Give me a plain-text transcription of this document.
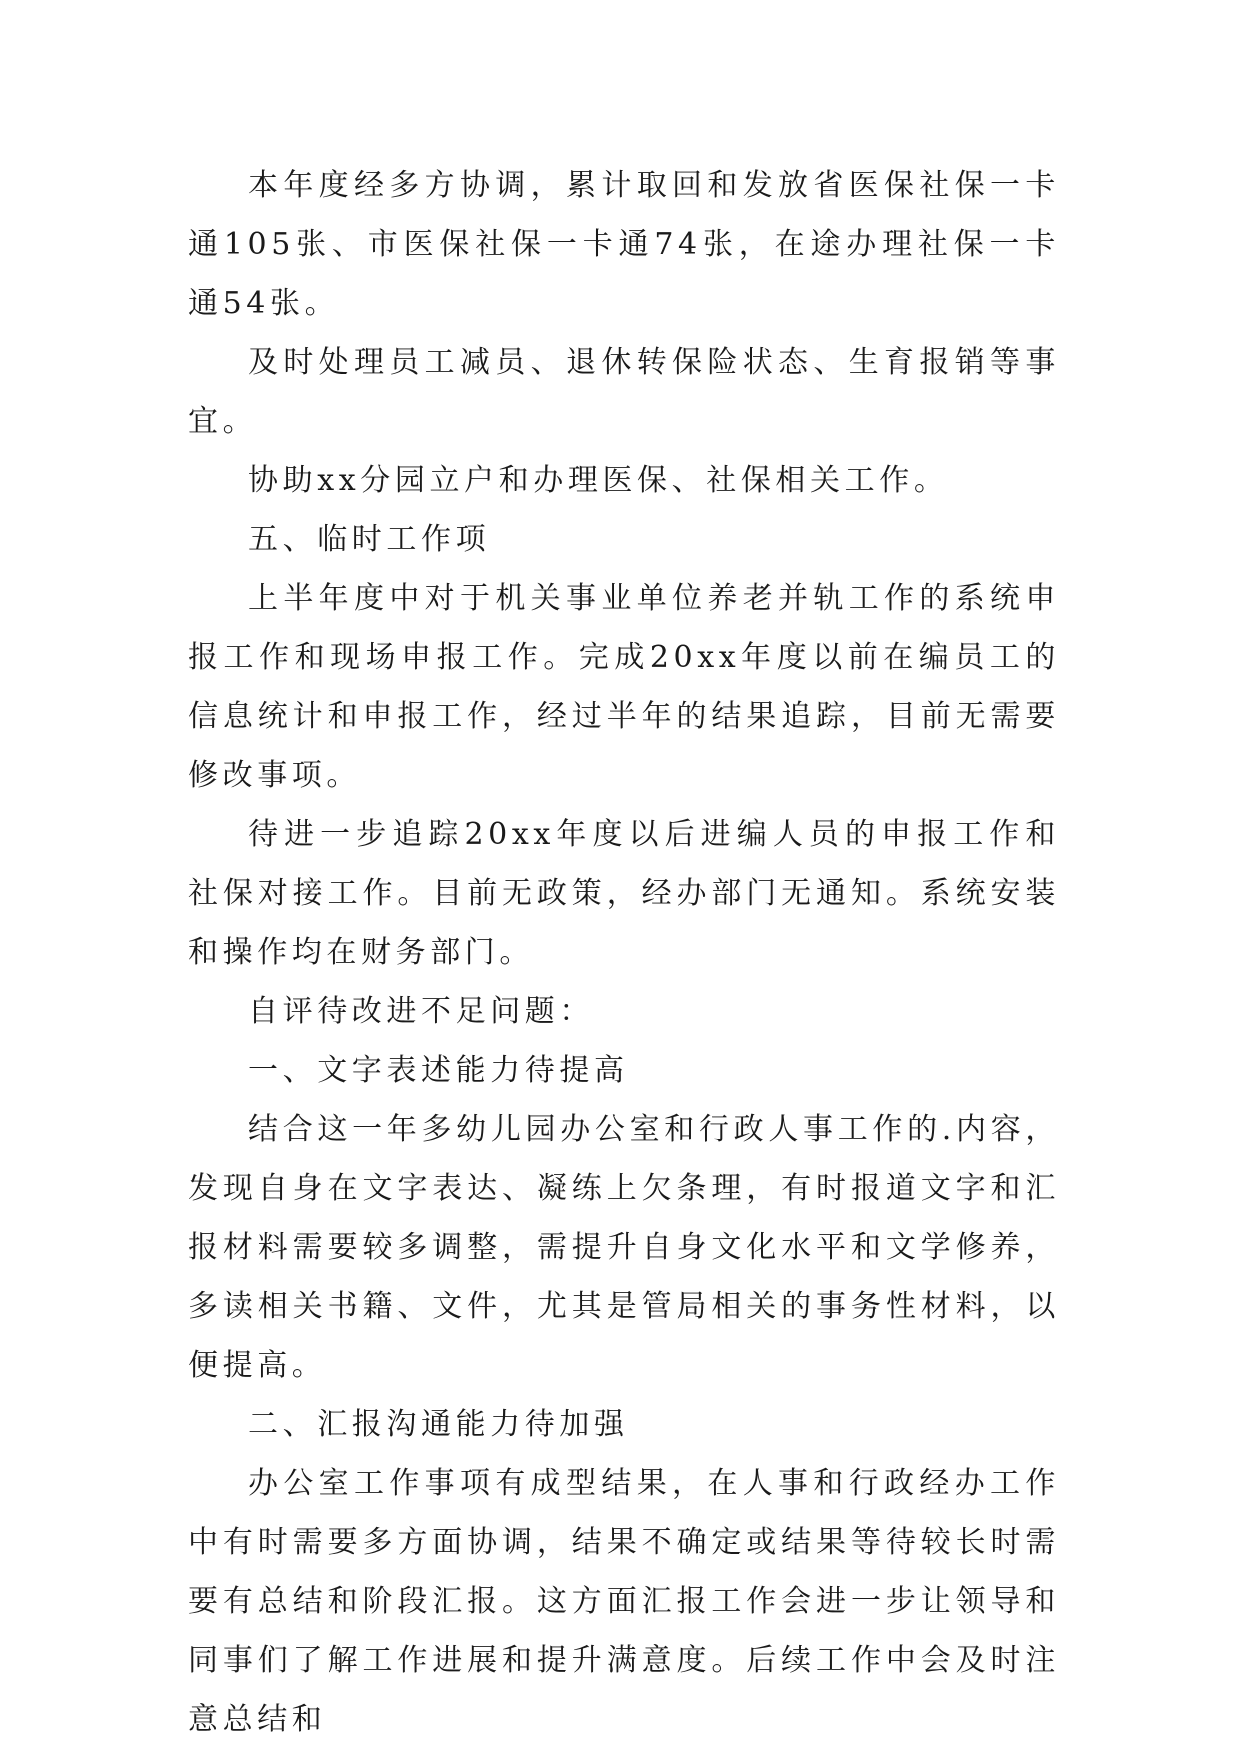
本年度经多方协调，累计取回和发放省医保社保一卡通105张、市医保社保一卡通74张，在途办理社保一卡通54张。

及时处理员工减员、退休转保险状态、生育报销等事宜。

协助xx分园立户和办理医保、社保相关工作。

五、临时工作项

上半年度中对于机关事业单位养老并轨工作的系统申报工作和现场申报工作。完成20xx年度以前在编员工的信息统计和申报工作，经过半年的结果追踪，目前无需要修改事项。

待进一步追踪20xx年度以后进编人员的申报工作和社保对接工作。目前无政策，经办部门无通知。系统安装和操作均在财务部门。

自评待改进不足问题：

一、文字表述能力待提高

结合这一年多幼儿园办公室和行政人事工作的.内容，发现自身在文字表达、凝练上欠条理，有时报道文字和汇报材料需要较多调整，需提升自身文化水平和文学修养，多读相关书籍、文件，尤其是管局相关的事务性材料，以便提高。

二、汇报沟通能力待加强

办公室工作事项有成型结果，在人事和行政经办工作中有时需要多方面协调，结果不确定或结果等待较长时需要有总结和阶段汇报。这方面汇报工作会进一步让领导和同事们了解工作进展和提升满意度。后续工作中会及时注意总结和
